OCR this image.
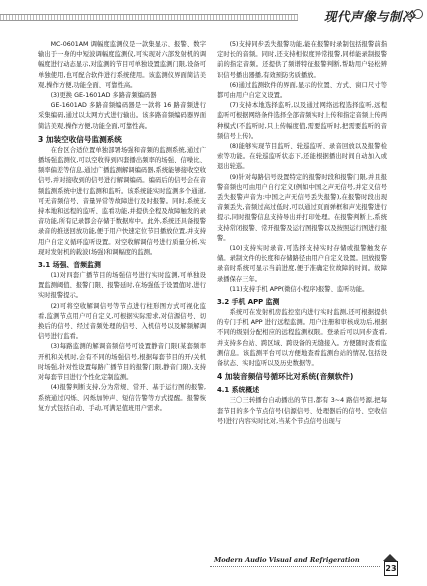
现代声像与制冷
MC-0601AM 调幅度监测仪是一款集显示、报警、数字输出于一身的中短波调幅度监测仪,可实现对六部发射机的调幅度进行动态显示,对监测的节目可单独设置监测门限,设备可单独使用,也可配合软件进行系统使用。该监测仪界面简洁美观,操作方便,功能全面、可靠性高。
(3)更换 GE-1601AD 多路音频编码器
GE-1601AD 多路音频编码器是一款将 16 路音频进行采集编码,通过以太网方式进行输出。该多路音频编码器界面简洁美观,操作方便,功能全面,可靠性高。
3 加装空收信号监测系统
在台区合适位置单独部署场强和音频的监测系统,通过广播场强监测仪,可以空收得到四套播出频率的场强、信噪比、频率偏差等信息,通过广播监测解调编码器,系统能够接收空收信号,并对接收到的信号进行解调编码。编码后的信号会在音频监测系统中进行监测和监听。该系统能实时监测多个通道,可无音频信号、音量异常等故障进行及时报警。同时,系统支持本地和远程的监听、监看功能,并提供全程及故障触发的录音功能,所有记录都会存储于数据库中。此外,系统还具备报警录音的推送回放功能,便于用户快速定位节目播放位置,并支持用户自定义循环监听设置。对空收解调信号进行质量分析,实现对发射机的载波(场强)和调幅度的监测。
3.1 场强、音频监测
(1)对四套广播节目的场强信号进行实时监测,可单独设置监测阈值、报警门限、报警延时,在场强低于设置值时,进行实时报警提示。
(2)可将空收解调信号等节点进行柱形图方式可视化监看,监测节点用户可自定义,可根据实际需求,对信源信号、切换后的信号、经过音频处理的信号、入机信号以及解频解调信号进行监看。
(3)每路监测的解调音频信号可设置静音门限(某套频率开机和关机时,会有不同的场强信号,根据每套节目的开/关机时场强,针对性设置每路广播节目的报警门限,静音门限),支持对每套节目进行个性化定制监测。
(4)报警判断支持,分为常规、常开、基于运行图的报警,系统通过闪烁、闪烁加钟声、短信告警等方式提醒。报警恢复方式包括自动、手动,可满足值班用户需求。
(5)支持同步丢失报警功能,能在报警时录制包括报警前指定时长的音频。同时,还支持相似度异常报警,同样能录制报警前的指定音频。还提供了频谱特征报警判断,帮助用户轻松辨识信号播出器播,有效预防劣质播放。
(6)通过监测软件的界面,显示的位置、方式、窗口尺寸等都可由用户自定义设置。
(7)支持本地选择监听,以及通过网络远程选择监听,远程监听可根据网络条件选择全部音频实时上传和指定音频上传两种模式(不监听时,只上传幅度值,需要监听时,把需要监听的音频信号上传)。
(8)能够实现节目监听、轮巡监听、录音回放以及报警检索等功能。在轮巡监听状态下,还能根据播出时间自动加入或退出轮巡。
(9)针对每路信号设置特定的报警时段和报警门限,并且报警音频也可由用户自行定义(例如中国之声无信号,并定义信号丢失报警声音为:中国之声无信号丢失报警),在报警时段出现音频丢失,音频过高过低时,可以通过页面弹框和声光报警进行提示,同时报警信息支持导出并打印处理。在报警判断上,系统支持常闭报警、常开报警及运行图报警以及按照运行图进行报警。
(10)支持实时录音,可选择支持实时存储或报警触发存储。录制文件的长度和存储路径由用户自定义设置。回放报警录音时系统可显示当前进度,便于准确定位故障的时间。故障录播保存三年。
(11)支持手机 APP(微信小程序)报警、监听功能。
3.2 手机 APP 监测
系统可在发射机房监控室内进行实时监测,还可根据提供的专门手机 APP 进行远程监测。用户注册和审核成功后,根据不同的级别分配相应的远程监测权限。登录后可以同步查看,并支持多台站、跨区域、跨设备的无缝接入。方便随时查看监测信息。该监测平台可以方便地查看监测台站的情况,包括设备状态、实时监听以及历史数据等。
4 加装音频信号循环比对系统(音频软件)
4.1 系统概述
三〇三转播台自动播出的节目,都有 3~4 路信号源,把每套节目的多个节点信号(信源信号、处理器后的信号、空收信号)进行内容实时比对,当某个节点信号出现与
Modern Audio Visual and Refrigeration
23
